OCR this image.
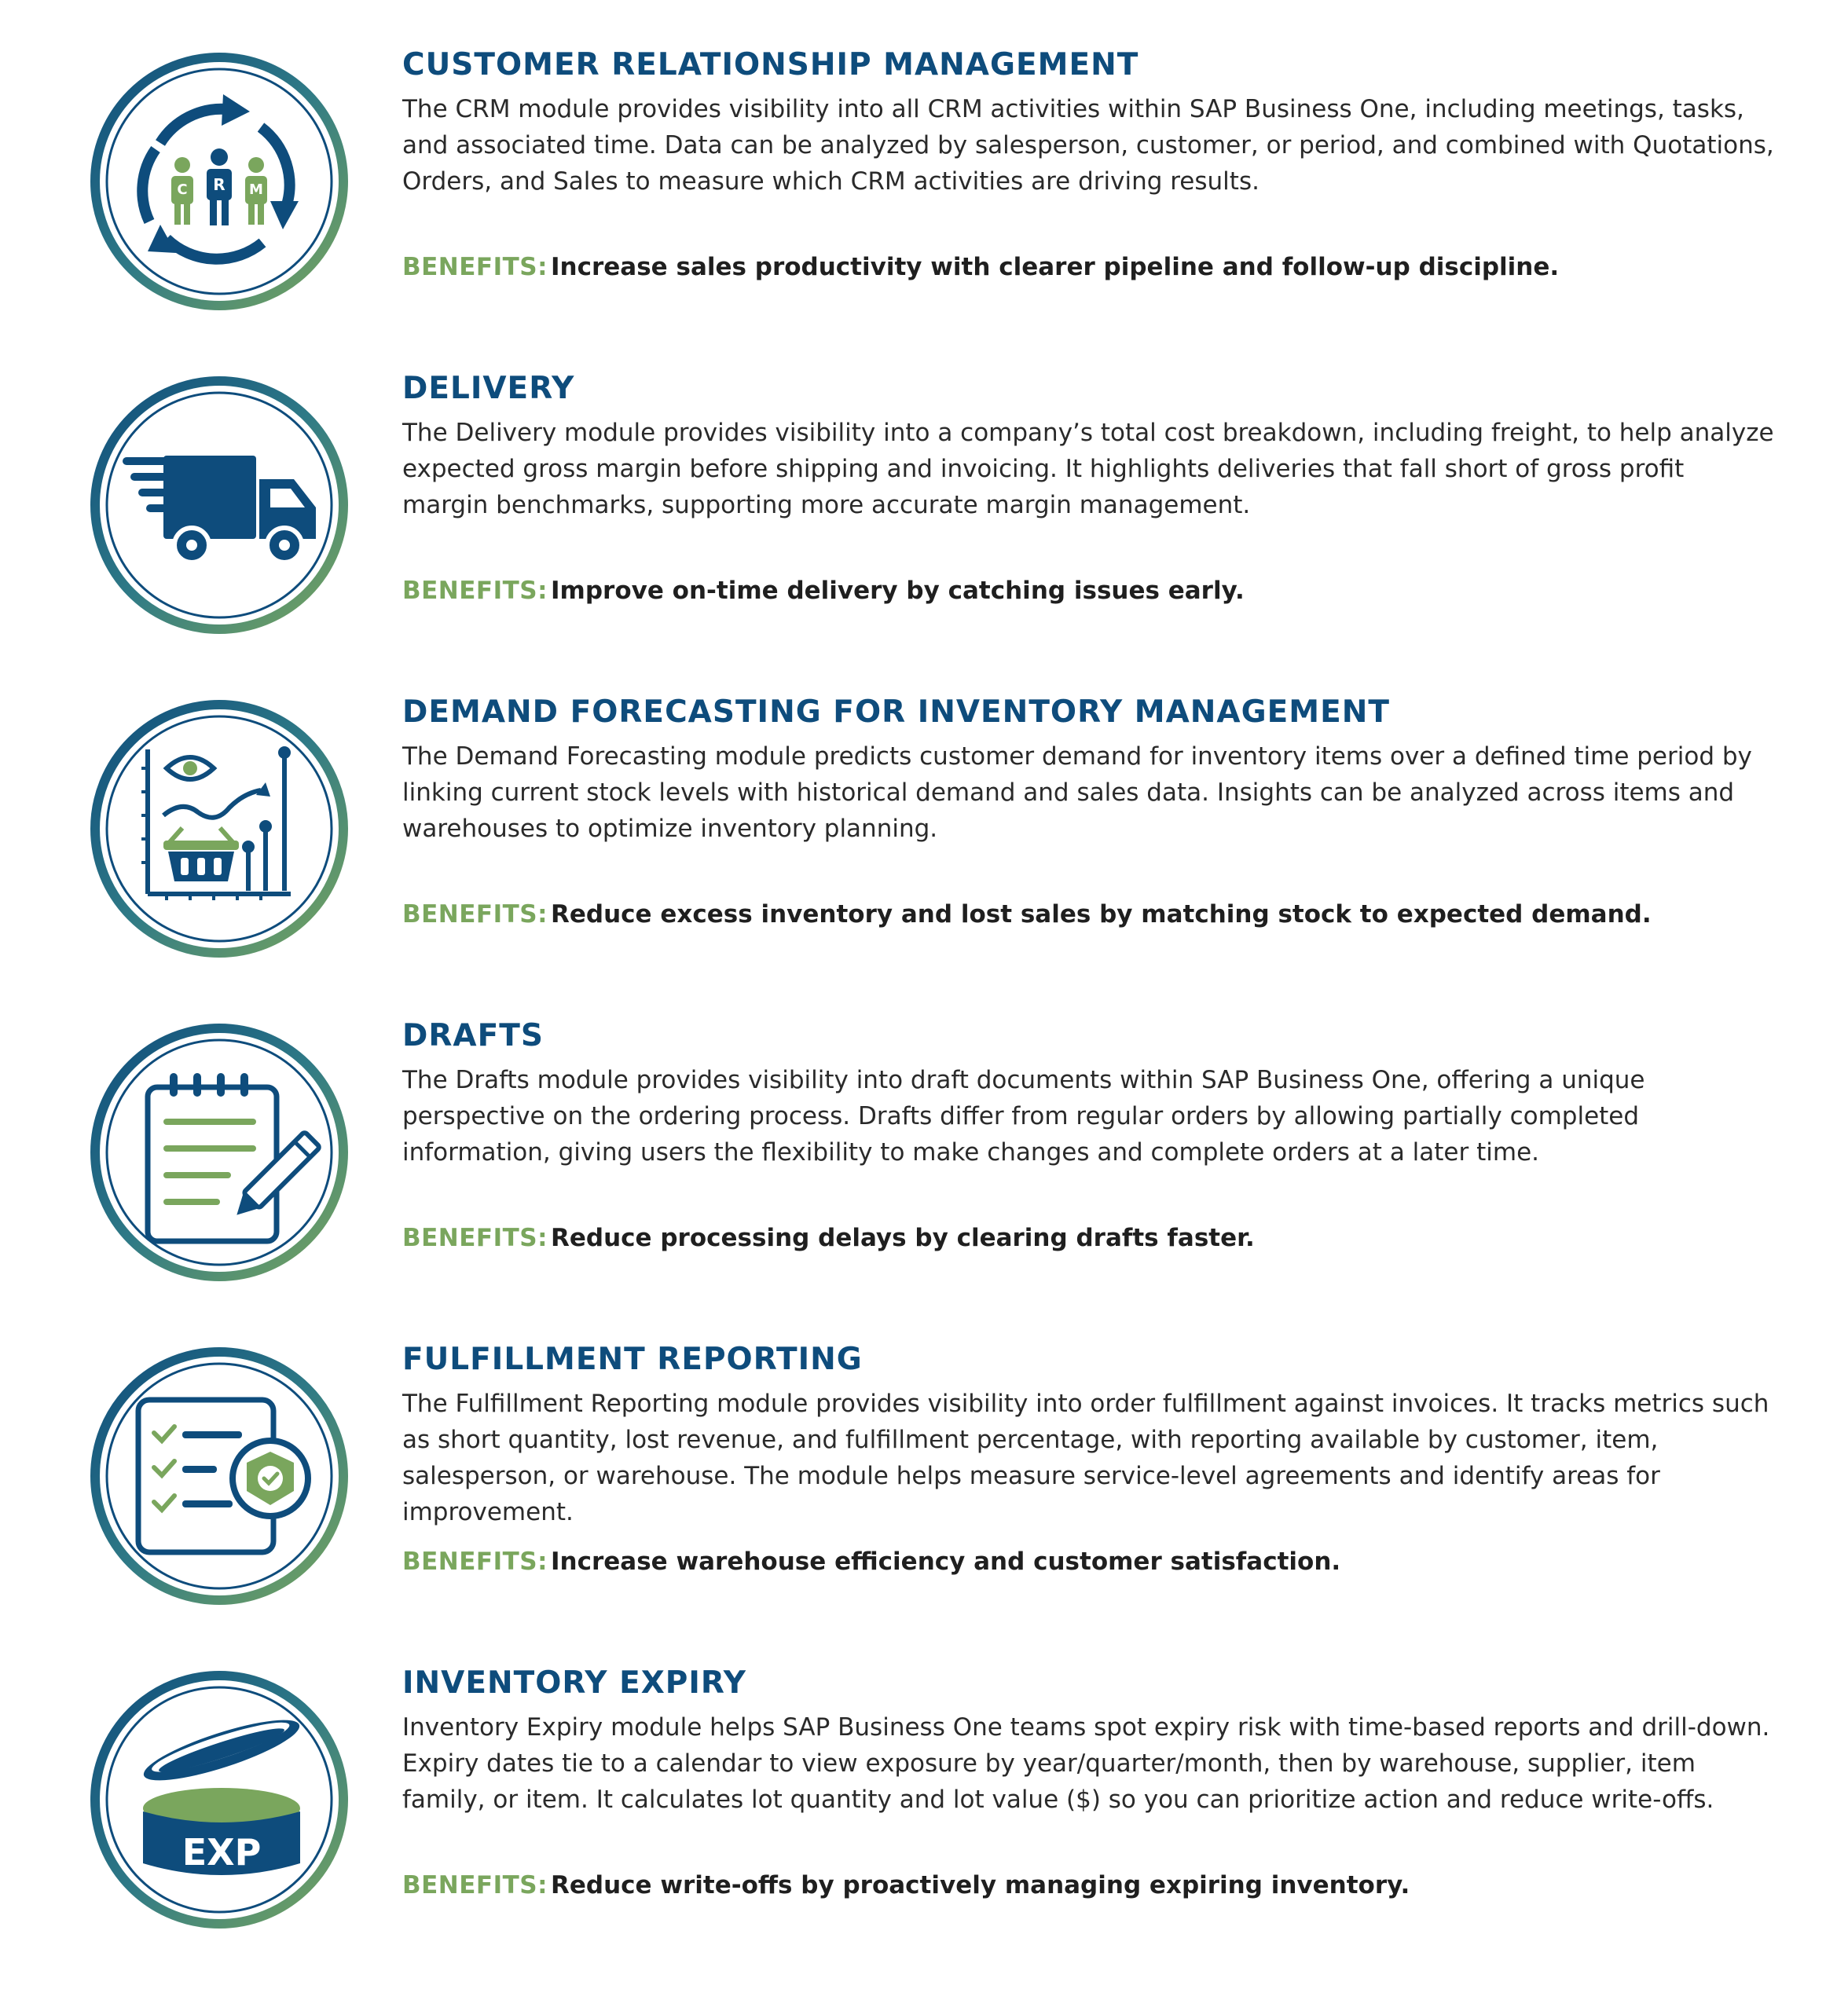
C R M
CUSTOMER RELATIONSHIP MANAGEMENT

The CRM module provides visibility into all CRM activities within SAP Business One, including meetings, tasks, and associated time. Data can be analyzed by salesperson, customer, or period, and combined with Quotations, Orders, and Sales to measure which CRM activities are driving results.

BENEFITS: Increase sales productivity with clearer pipeline and follow-up discipline.

DELIVERY

The Delivery module provides visibility into a company’s total cost breakdown, including freight, to help analyze expected gross margin before shipping and invoicing. It highlights deliveries that fall short of gross profit margin benchmarks, supporting more accurate margin management.

BENEFITS: Improve on-time delivery by catching issues early.

DEMAND FORECASTING FOR INVENTORY MANAGEMENT

The Demand Forecasting module predicts customer demand for inventory items over a defined time period by linking current stock levels with historical demand and sales data. Insights can be analyzed across items and warehouses to optimize inventory planning.

BENEFITS: Reduce excess inventory and lost sales by matching stock to expected demand.

DRAFTS

The Drafts module provides visibility into draft documents within SAP Business One, offering a unique perspective on the ordering process. Drafts differ from regular orders by allowing partially completed information, giving users the flexibility to make changes and complete orders at a later time.

BENEFITS: Reduce processing delays by clearing drafts faster.

FULFILLMENT REPORTING

The Fulfillment Reporting module provides visibility into order fulfillment against invoices. It tracks metrics such as short quantity, lost revenue, and fulfillment percentage, with reporting available by customer, item, salesperson, or warehouse. The module helps measure service-level agreements and identify areas for improvement.

BENEFITS: Increase warehouse efficiency and customer satisfaction.

EXP
INVENTORY EXPIRY

Inventory Expiry module helps SAP Business One teams spot expiry risk with time-based reports and drill-down. Expiry dates tie to a calendar to view exposure by year/quarter/month, then by warehouse, supplier, item family, or item. It calculates lot quantity and lot value ($) so you can prioritize action and reduce write-offs.

BENEFITS: Reduce write-offs by proactively managing expiring inventory.
